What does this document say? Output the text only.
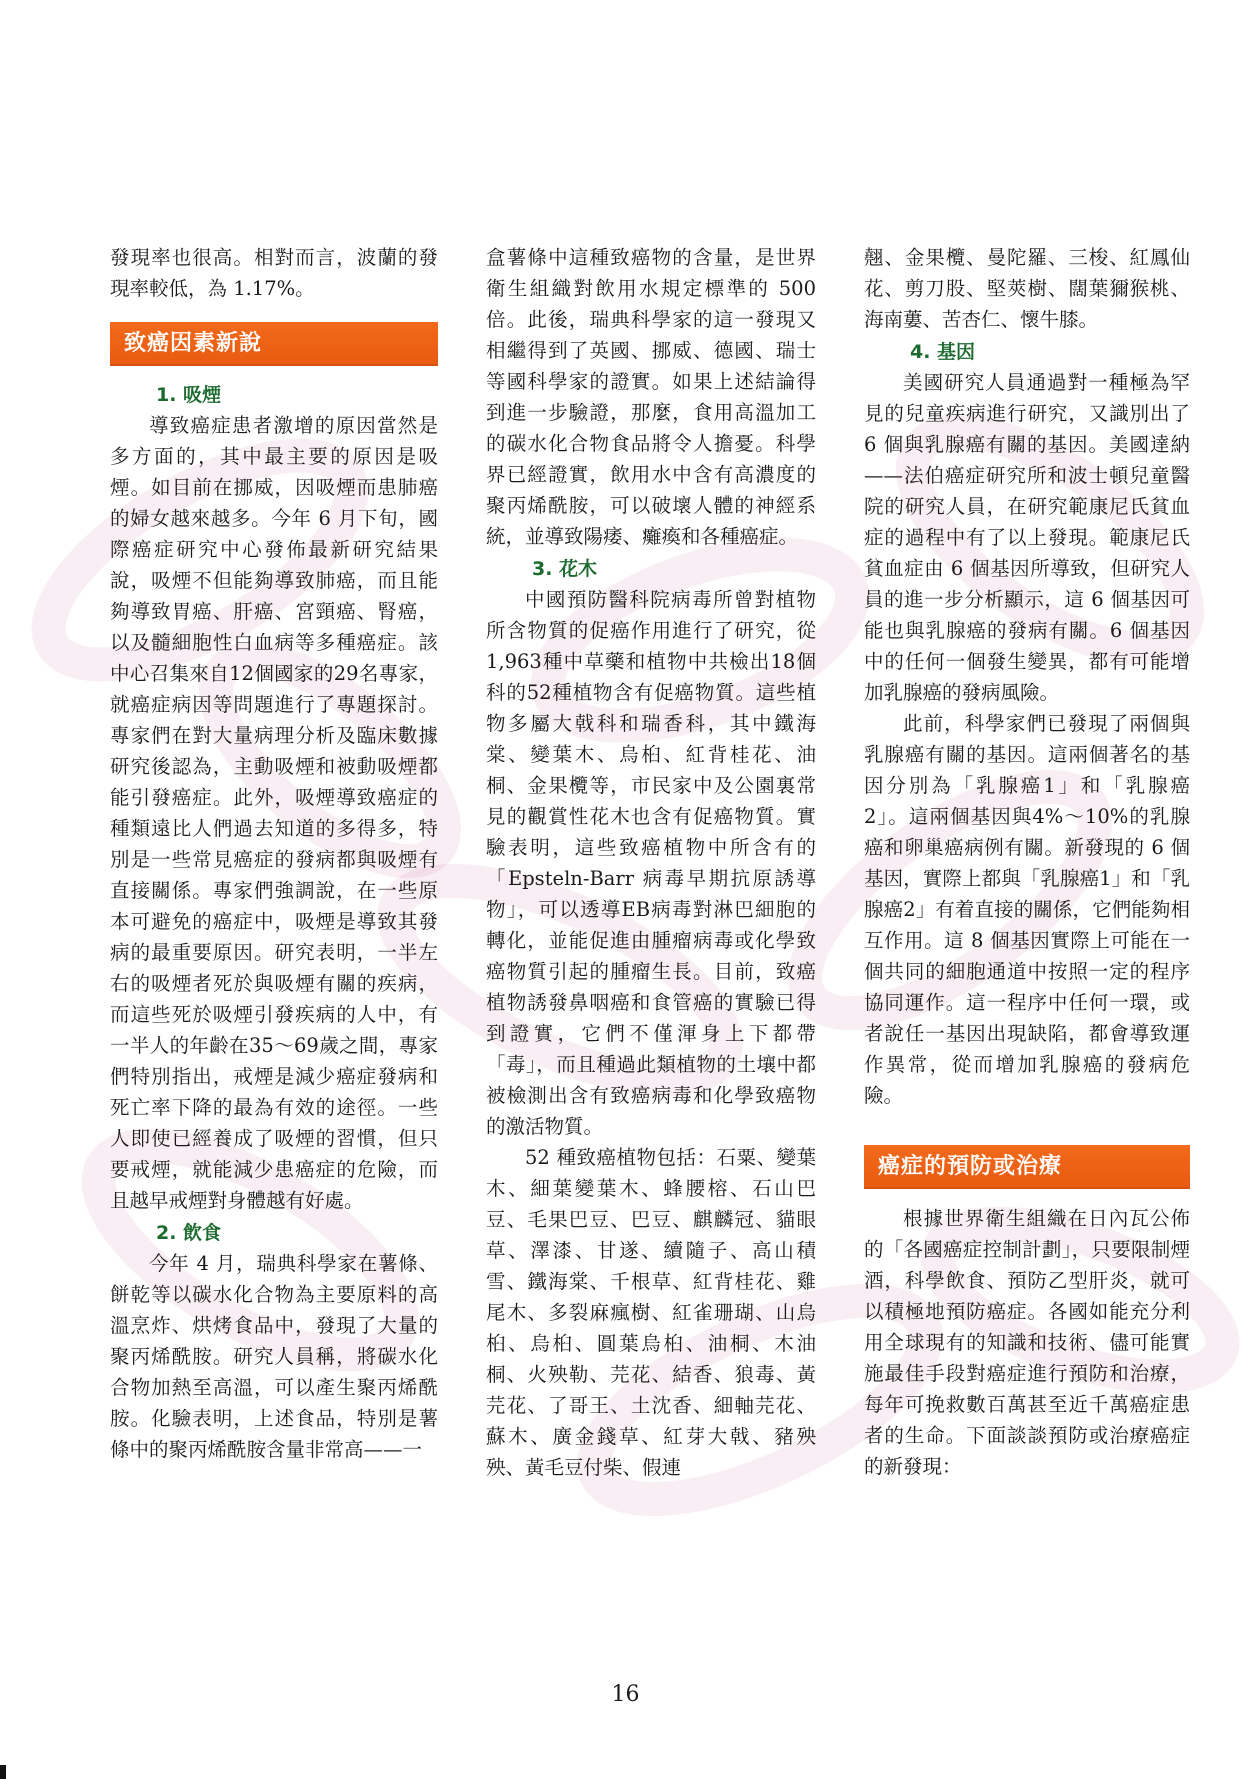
發現率也很高。相對而言，波蘭的發現率較低，為 1.17%。

致癌因素新說
1. 吸煙

導致癌症患者激增的原因當然是多方面的，其中最主要的原因是吸煙。如目前在挪威，因吸煙而患肺癌的婦女越來越多。今年 6 月下旬，國際癌症研究中心發佈最新研究結果說，吸煙不但能夠導致肺癌，而且能夠導致胃癌、肝癌、宮頸癌、腎癌，以及髓細胞性白血病等多種癌症。該中心召集來自12個國家的29名專家，就癌症病因等問題進行了專題探討。專家們在對大量病理分析及臨床數據研究後認為，主動吸煙和被動吸煙都能引發癌症。此外，吸煙導致癌症的種類遠比人們過去知道的多得多，特別是一些常見癌症的發病都與吸煙有直接關係。專家們強調說，在一些原本可避免的癌症中，吸煙是導致其發病的最重要原因。研究表明，一半左右的吸煙者死於與吸煙有關的疾病，而這些死於吸煙引發疾病的人中，有一半人的年齡在35～69歲之間，專家們特別指出，戒煙是減少癌症發病和死亡率下降的最為有效的途徑。一些人即使已經養成了吸煙的習慣，但只要戒煙，就能減少患癌症的危險，而且越早戒煙對身體越有好處。

2. 飲食

今年 4 月，瑞典科學家在薯條、餅乾等以碳水化合物為主要原料的高溫烹炸、烘烤食品中，發現了大量的聚丙烯酰胺。研究人員稱，將碳水化合物加熱至高溫，可以產生聚丙烯酰胺。化驗表明，上述食品，特別是薯條中的聚丙烯酰胺含量非常高——一

盒薯條中這種致癌物的含量，是世界衛生組織對飲用水規定標準的 500 倍。此後，瑞典科學家的這一發現又相繼得到了英國、挪威、德國、瑞士等國科學家的證實。如果上述結論得到進一步驗證，那麼，食用高溫加工的碳水化合物食品將令人擔憂。科學界已經證實，飲用水中含有高濃度的聚丙烯酰胺，可以破壞人體的神經系統，並導致陽痿、癱瘓和各種癌症。

3. 花木

中國預防醫科院病毒所曾對植物所含物質的促癌作用進行了研究，從1,963種中草藥和植物中共檢出18個科的52種植物含有促癌物質。這些植物多屬大戟科和瑞香科，其中鐵海棠、變葉木、烏桕、紅背桂花、油桐、金果欖等，市民家中及公園裏常見的觀賞性花木也含有促癌物質。實驗表明，這些致癌植物中所含有的「Epsteln-Barr 病毒早期抗原誘導物」，可以透導EB病毒對淋巴細胞的轉化，並能促進由腫瘤病毒或化學致癌物質引起的腫瘤生長。目前，致癌植物誘發鼻咽癌和食管癌的實驗已得到證實，它們不僅渾身上下都帶「毒」，而且種過此類植物的土壤中都被檢測出含有致癌病毒和化學致癌物的激活物質。

52 種致癌植物包括：石粟、變葉木、細葉變葉木、蜂腰榕、石山巴豆、毛果巴豆、巴豆、麒麟冠、貓眼草、澤漆、甘遂、續隨子、高山積雪、鐵海棠、千根草、紅背桂花、雞尾木、多裂麻瘋樹、紅雀珊瑚、山烏桕、烏桕、圓葉烏桕、油桐、木油桐、火殃勒、芫花、結香、狼毒、黃芫花、了哥王、土沈香、細軸芫花、蘇木、廣金錢草、紅芽大戟、豬殃殃、黃毛豆付柴、假連

翹、金果欖、曼陀羅、三梭、紅鳳仙花、剪刀股、堅莢樹、闊葉獮猴桃、海南蔞、苦杏仁、懷牛膝。

4. 基因

美國研究人員通過對一種極為罕見的兒童疾病進行研究，又識別出了 6 個與乳腺癌有關的基因。美國達納——法伯癌症研究所和波士頓兒童醫院的研究人員，在研究範康尼氏貧血症的過程中有了以上發現。範康尼氏貧血症由 6 個基因所導致，但研究人員的進一步分析顯示，這 6 個基因可能也與乳腺癌的發病有關。6 個基因中的任何一個發生變異，都有可能增加乳腺癌的發病風險。

此前，科學家們已發現了兩個與乳腺癌有關的基因。這兩個著名的基因分別為「乳腺癌1」和「乳腺癌2」。這兩個基因與4%～10%的乳腺癌和卵巢癌病例有關。新發現的 6 個基因，實際上都與「乳腺癌1」和「乳腺癌2」有着直接的關係，它們能夠相互作用。這 8 個基因實際上可能在一個共同的細胞通道中按照一定的程序協同運作。這一程序中任何一環，或者說任一基因出現缺陷，都會導致運作異常，從而增加乳腺癌的發病危險。

癌症的預防或治療

根據世界衛生組織在日內瓦公佈的「各國癌症控制計劃」，只要限制煙酒，科學飲食、預防乙型肝炎，就可以積極地預防癌症。各國如能充分利用全球現有的知識和技術、儘可能實施最佳手段對癌症進行預防和治療，每年可挽救數百萬甚至近千萬癌症患者的生命。下面談談預防或治療癌症的新發現：

16
